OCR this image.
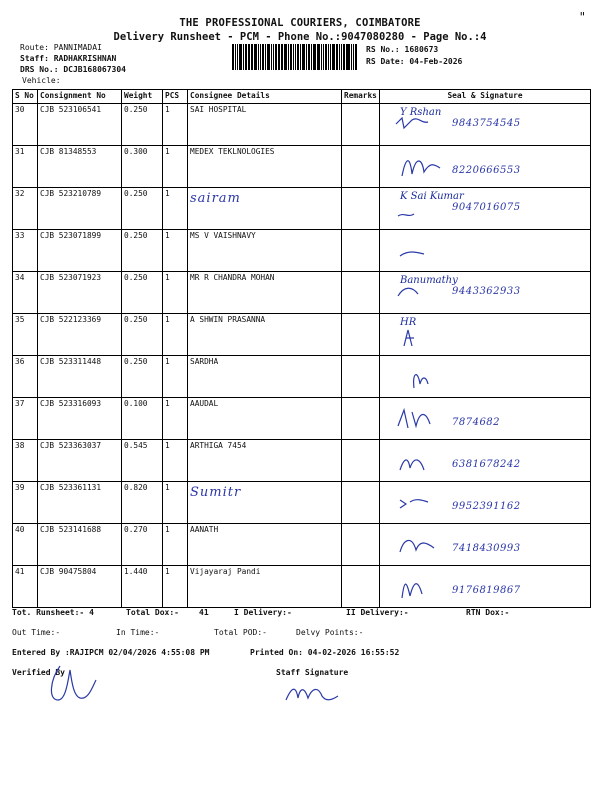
THE PROFESSIONAL COURIERS, COIMBATORE
Delivery Runsheet - PCM - Phone No.:9047080280 - Page No.:4
"
Route: PANNIMADAI
Staff: RADHAKRISHNAN
DRS No.: DCJB168067304
Vehicle:
RS No.: 1680673
RS Date: 04-Feb-2026
S No	Consignment No	Weight	PCS	Consignee Details	Remarks	Seal & Signature
30	CJB 523106541	0.250	1	SAI HOSPITAL		Y Rshan
9843754545

31	CJB 81348553	0.300	1	MEDEX TEKLNOLOGIES		8220666553

32	CJB 523210789	0.250	1	sairam		K Sai Kumar
9047016075

33	CJB 523071899	0.250	1	MS V VAISHNAVY		

34	CJB 523071923	0.250	1	MR R CHANDRA MOHAN		Banumathy
9443362933

35	CJB 522123369	0.250	1	A SHWIN PRASANNA		HR

36	CJB 523311448	0.250	1	SARDHA		

37	CJB 523316093	0.100	1	AAUDAL		7874682

38	CJB 523363037	0.545	1	ARTHIGA 7454		6381678242

39	CJB 523361131	0.820	1	Sumitr		9952391162

40	CJB 523141688	0.270	1	AANATH		7418430993

41	CJB 90475804	1.440	1	Vijayaraj Pandi		9176819867
Tot. Runsheet:- 4	Total Dox:-	41	I Delivery:-	II Delivery:-	RTN Dox:-
Out Time:-	In Time:-	Total POD:-	Delvy Points:-
Entered By :RAJIPCM 02/04/2026 4:55:08 PM	Printed On: 04-02-2026 16:55:52
Verified By	Staff Signature
